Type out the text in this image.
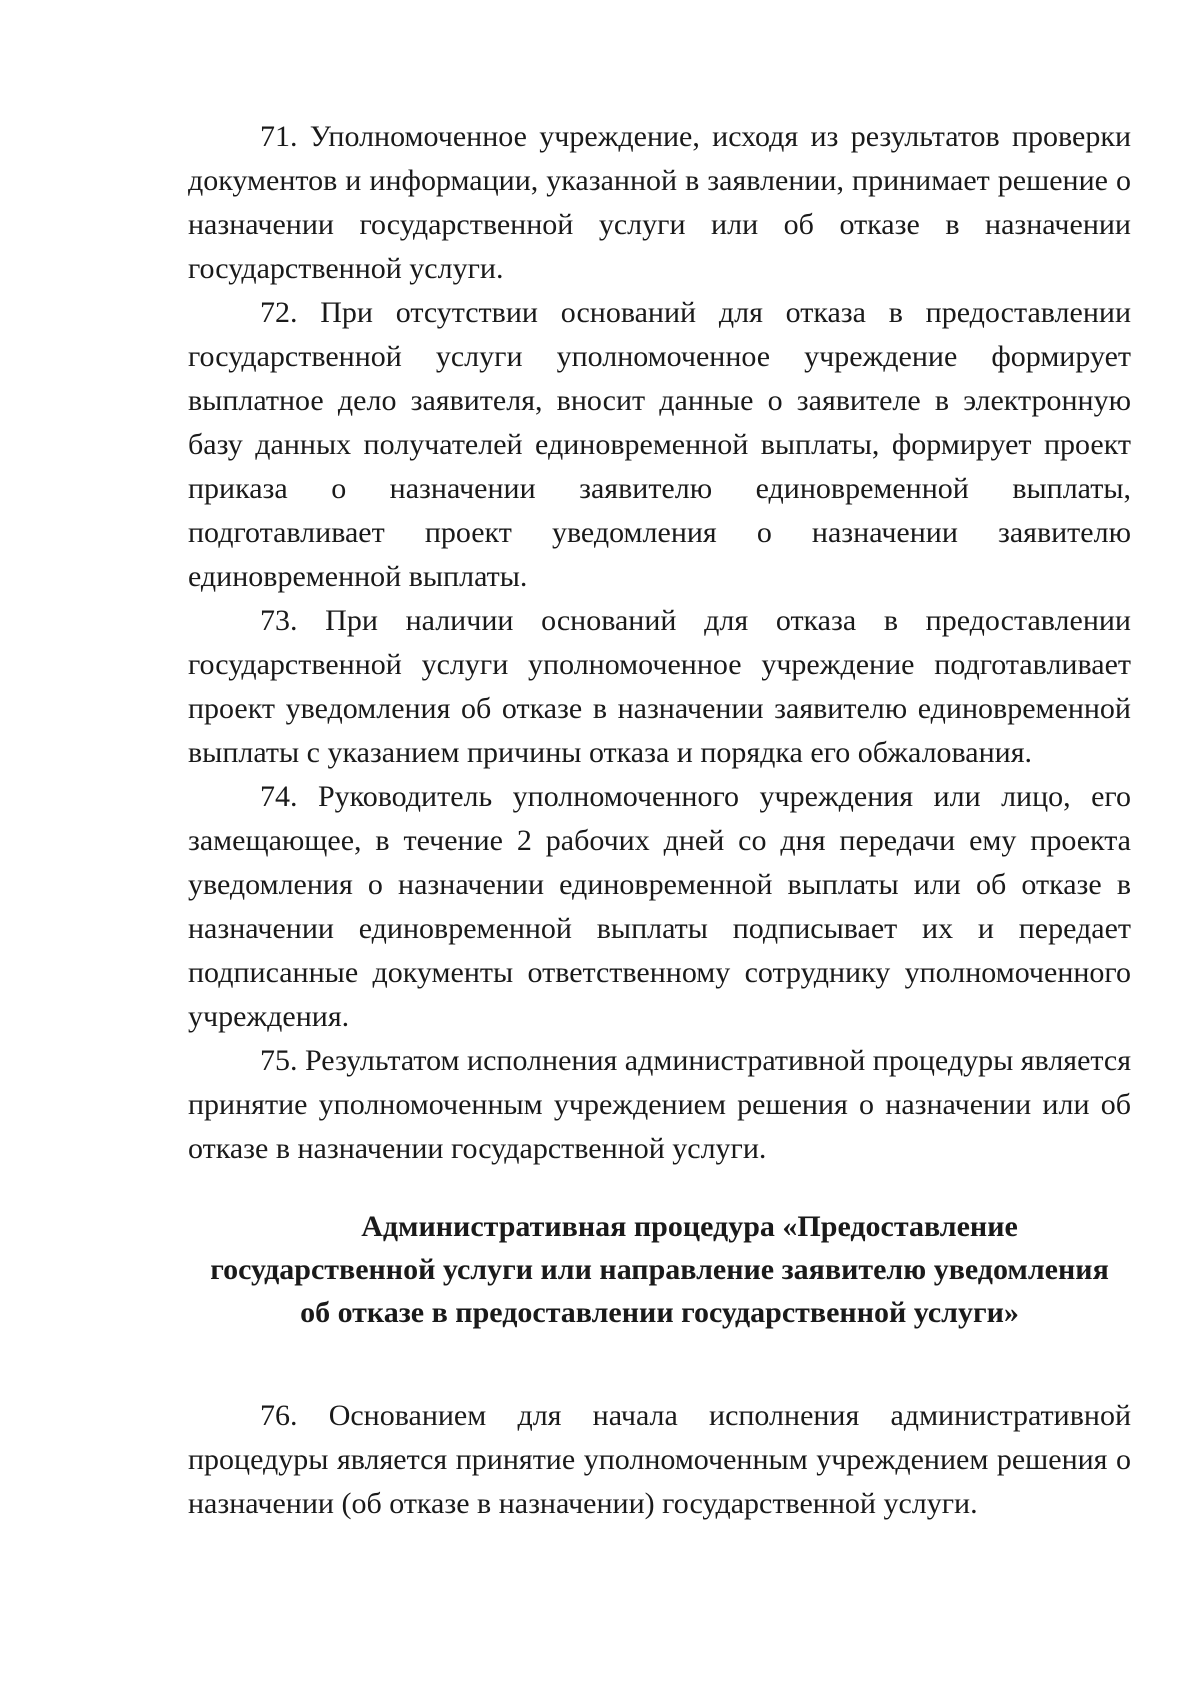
71. Уполномоченное учреждение, исходя из результатов проверки документов и информации, указанной в заявлении, принимает решение о назначении государственной услуги или об отказе в назначении государственной услуги.

72. При отсутствии оснований для отказа в предоставлении государственной услуги уполномоченное учреждение формирует выплатное дело заявителя, вносит данные о заявителе в электронную базу данных получателей единовременной выплаты, формирует проект приказа о назначении заявителю единовременной выплаты, подготавливает проект уведомления о назначении заявителю единовременной выплаты.

73. При наличии оснований для отказа в предоставлении государственной услуги уполномоченное учреждение подготавливает проект уведомления об отказе в назначении заявителю единовременной выплаты с указанием причины отказа и порядка его обжалования.

74. Руководитель уполномоченного учреждения или лицо, его замещающее, в течение 2 рабочих дней со дня передачи ему проекта уведомления о назначении единовременной выплаты или об отказе в назначении единовременной выплаты подписывает их и передает подписанные документы ответственному сотруднику уполномоченного учреждения.

75. Результатом исполнения административной процедуры является принятие уполномоченным учреждением решения о назначении или об отказе в назначении государственной услуги.

Административная процедура «Предоставление
государственной услуги или направление заявителю уведомления
об отказе в предоставлении государственной услуги»

76. Основанием для начала исполнения административной процедуры является принятие уполномоченным учреждением решения о назначении (об отказе в назначении) государственной услуги.
